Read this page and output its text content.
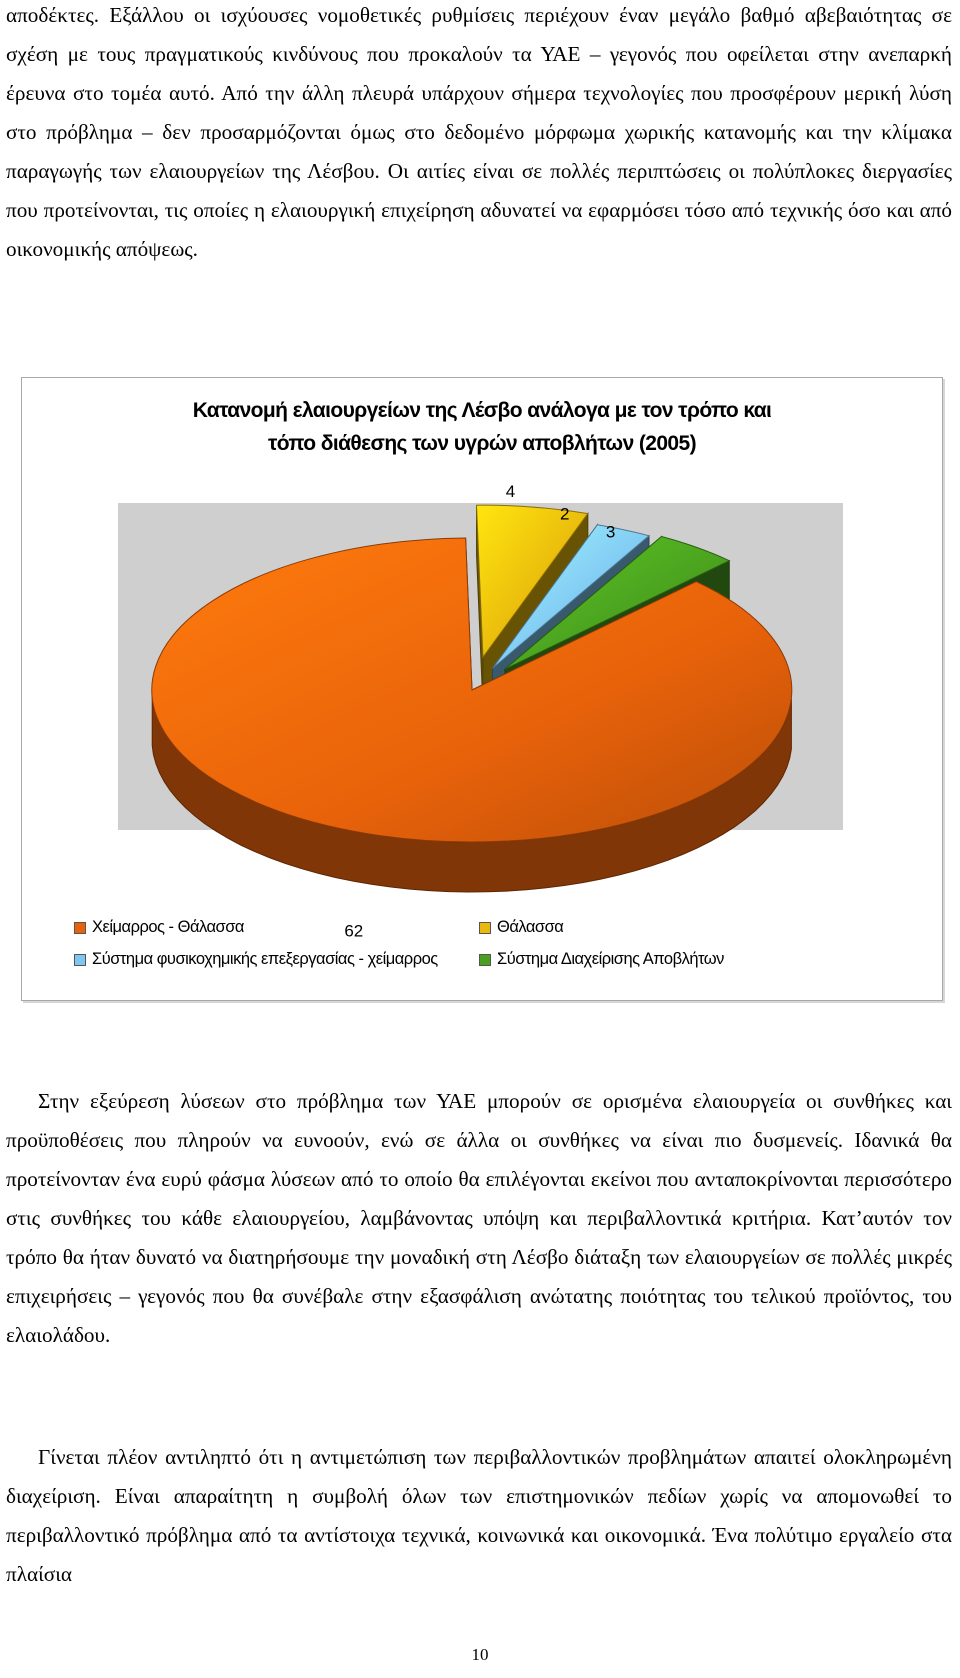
αποδέκτες. Εξάλλου οι ισχύουσες νομοθετικές ρυθμίσεις περιέχουν έναν μεγάλο βαθμό αβεβαιότητας σε σχέση με τους πραγματικούς κινδύνους που προκαλούν τα ΥΑΕ – γεγονός που οφείλεται στην ανεπαρκή έρευνα στο τομέα αυτό. Από την άλλη πλευρά υπάρχουν σήμερα τεχνολογίες που προσφέρουν μερική λύση στο πρόβλημα – δεν προσαρμόζονται όμως στο δεδομένο μόρφωμα χωρικής κατανομής και την κλίμακα παραγωγής των ελαιουργείων της Λέσβου. Οι αιτίες είναι σε πολλές περιπτώσεις οι πολύπλοκες διεργασίες που προτείνονται, τις οποίες η ελαιουργική επιχείρηση αδυνατεί να εφαρμόσει τόσο από τεχνικής όσο και από οικονομικής απόψεως.

4
2
3
62
Κατανομή ελαιουργείων της Λέσβο ανάλογα με τον τρόπο και
τόπο διάθεσης των υγρών αποβλήτων (2005)
Χείμαρρος - Θάλασσα	Θάλασσα
Σύστημα φυσικοχημικής επεξεργασίας - χείμαρρος	Σύστημα Διαχείρισης Αποβλήτων

Στην εξεύρεση λύσεων στο πρόβλημα των ΥΑΕ μπορούν σε ορισμένα ελαιουργεία οι συνθήκες και προϋποθέσεις που πληρούν να ευνοούν, ενώ σε άλλα οι συνθήκες να είναι πιο δυσμενείς. Ιδανικά θα προτείνονταν ένα ευρύ φάσμα λύσεων από το οποίο θα επιλέγονται εκείνοι που ανταποκρίνονται περισσότερο στις συνθήκες του κάθε ελαιουργείου, λαμβάνοντας υπόψη και περιβαλλοντικά κριτήρια. Κατ’αυτόν τον τρόπο θα ήταν δυνατό να διατηρήσουμε την μοναδική στη Λέσβο διάταξη των ελαιουργείων σε πολλές μικρές επιχειρήσεις – γεγονός που θα συνέβαλε στην εξασφάλιση ανώτατης ποιότητας του τελικού προϊόντος, του ελαιολάδου.

Γίνεται πλέον αντιληπτό ότι η αντιμετώπιση των περιβαλλοντικών προβλημάτων απαιτεί ολοκληρωμένη διαχείριση. Είναι απαραίτητη η συμβολή όλων των επιστημονικών πεδίων χωρίς να απομονωθεί το περιβαλλοντικό πρόβλημα από τα αντίστοιχα τεχνικά, κοινωνικά και οικονομικά. Ένα πολύτιμο εργαλείο στα πλαίσια

10
